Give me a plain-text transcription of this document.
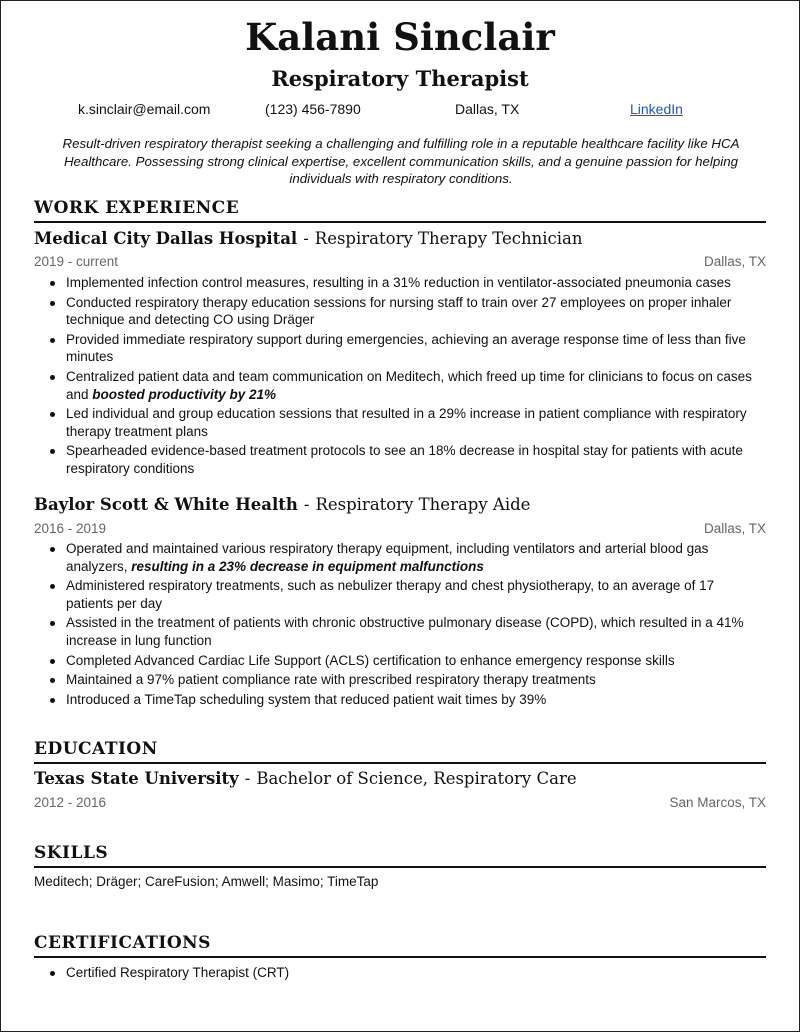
Kalani Sinclair
Respiratory Therapist
k.sinclair@email.com	(123) 456-7890	Dallas, TX	LinkedIn
Result-driven respiratory therapist seeking a challenging and fulfilling role in a reputable healthcare facility like HCA Healthcare. Possessing strong clinical expertise, excellent communication skills, and a genuine passion for helping individuals with respiratory conditions.
WORK EXPERIENCE
Medical City Dallas Hospital - Respiratory Therapy Technician
2019 - current	Dallas, TX
Implemented infection control measures, resulting in a 31% reduction in ventilator-associated pneumonia cases
Conducted respiratory therapy education sessions for nursing staff to train over 27 employees on proper inhaler technique and detecting CO using Dräger
Provided immediate respiratory support during emergencies, achieving an average response time of less than five minutes
Centralized patient data and team communication on Meditech, which freed up time for clinicians to focus on cases and boosted productivity by 21%
Led individual and group education sessions that resulted in a 29% increase in patient compliance with respiratory therapy treatment plans
Spearheaded evidence-based treatment protocols to see an 18% decrease in hospital stay for patients with acute respiratory conditions
Baylor Scott & White Health - Respiratory Therapy Aide
2016 - 2019	Dallas, TX
Operated and maintained various respiratory therapy equipment, including ventilators and arterial blood gas analyzers, resulting in a 23% decrease in equipment malfunctions
Administered respiratory treatments, such as nebulizer therapy and chest physiotherapy, to an average of 17 patients per day
Assisted in the treatment of patients with chronic obstructive pulmonary disease (COPD), which resulted in a 41% increase in lung function
Completed Advanced Cardiac Life Support (ACLS) certification to enhance emergency response skills
Maintained a 97% patient compliance rate with prescribed respiratory therapy treatments
Introduced a TimeTap scheduling system that reduced patient wait times by 39%
EDUCATION
Texas State University - Bachelor of Science, Respiratory Care
2012 - 2016	San Marcos, TX
SKILLS
Meditech; Dräger; CareFusion; Amwell; Masimo; TimeTap
CERTIFICATIONS
Certified Respiratory Therapist (CRT)
